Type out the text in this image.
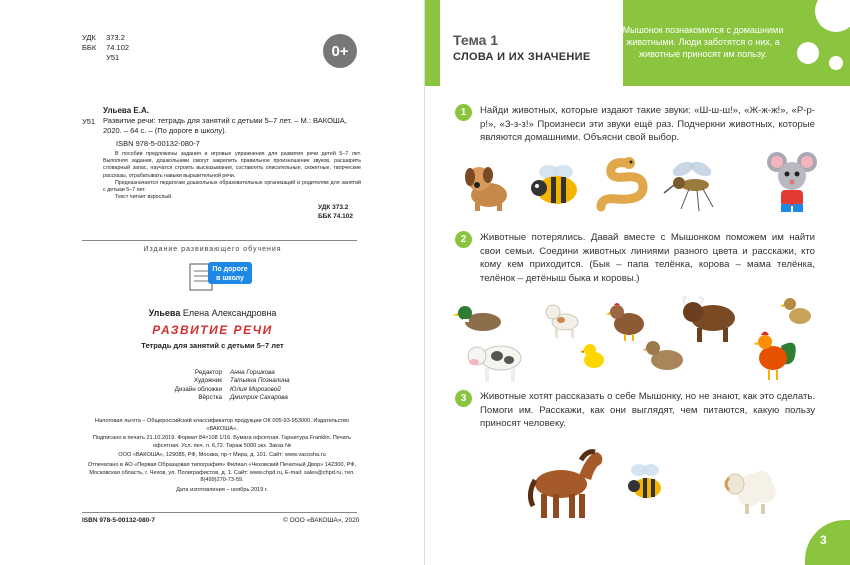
УДК 373.2
ББК 74.102
У51	0+
Ульева Е.А.
У51 Развитие речи: тетрадь для занятий с детьми 5–7 лет. – М.: ВАКОША, 2020. – 64 с. – (По дороге в школу).
ISBN 978-5-00132-080-7

В пособии предложены задания и игровые упражнения для развития речи детей 5–7 лет. Выполняя задания, дошкольники смогут закрепить правильное произношение звуков, расширить словарный запас, научатся строить высказывания, составлять описательные, сюжетные, творческие рассказы, отрабатывать навыки выразительной речи.

Предназначается педагогам дошкольных образовательных организаций и родителям для занятий с детьми 5–7 лет.

Текст читает взрослый.

УДК 373.2
ББК 74.102
Издание развивающего обучения
По дороге
в школу
Ульева Елена Александровна
РАЗВИТИЕ РЕЧИ
Тетрадь для занятий с детьми 5–7 лет
Редактор	Анна Горшкова
Художник	Татьяна Позналина
Дизайн обложки	Юлия Морозовой
Вёрстка	Дмитрия Сахарова

Налоговая льгота – Общероссийский классификатор продукции ОК 005-93-953000. Издательство «ВАКОША».

Подписано в печать 21.10.2019. Формат 84×108 1/16. Бумага офсетная. Гарнитура Franklin. Печать офсетная. Усл. печ. л. 6,72. Тираж 5000 экз. Заказ №

ООО «ВАКОША», 129085, РФ, Москва, пр-т Мира, д. 101. Сайт: www.vacosha.ru

Отпечатано в АО «Первая Образцовая типография» Филиал «Чеховский Печатный Двор» 142300, РФ, Московская область, г. Чехов, ул. Полиграфистов, д. 1. Сайт: www.chpd.ru, E-mail: sales@chpd.ru, тел. 8(499)270-73-59.

Дата изготовления – ноябрь 2019 г.

ISBN 978-5-00132-080-7	© ООО «ВАКОША», 2020
Тема 1
СЛОВА И ИХ ЗНАЧЕНИЕ
Мышонок познакомился с домашними животными. Люди заботятся о них, а животные приносят им пользу.
1	Найди животных, которые издают такие звуки: «Ш-ш-ш!», «Ж-ж-ж!», «Р-р-р!», «З-з-з!» Произнеси эти звуки ещё раз. Подчеркни животных, которые являются домашними. Объясни свой выбор.
2	Животные потерялись. Давай вместе с Мышонком поможем им найти свои семьи. Соедини животных линиями разного цвета и расскажи, кто кому кем приходится. (Бык – папа телёнка, корова – мама телёнка, телёнок – детёныш быка и коровы.)
3	Животные хотят рассказать о себе Мышонку, но не знают, как это сделать. Помоги им. Расскажи, как они выглядят, чем питаются, какую пользу приносят человеку.
3
